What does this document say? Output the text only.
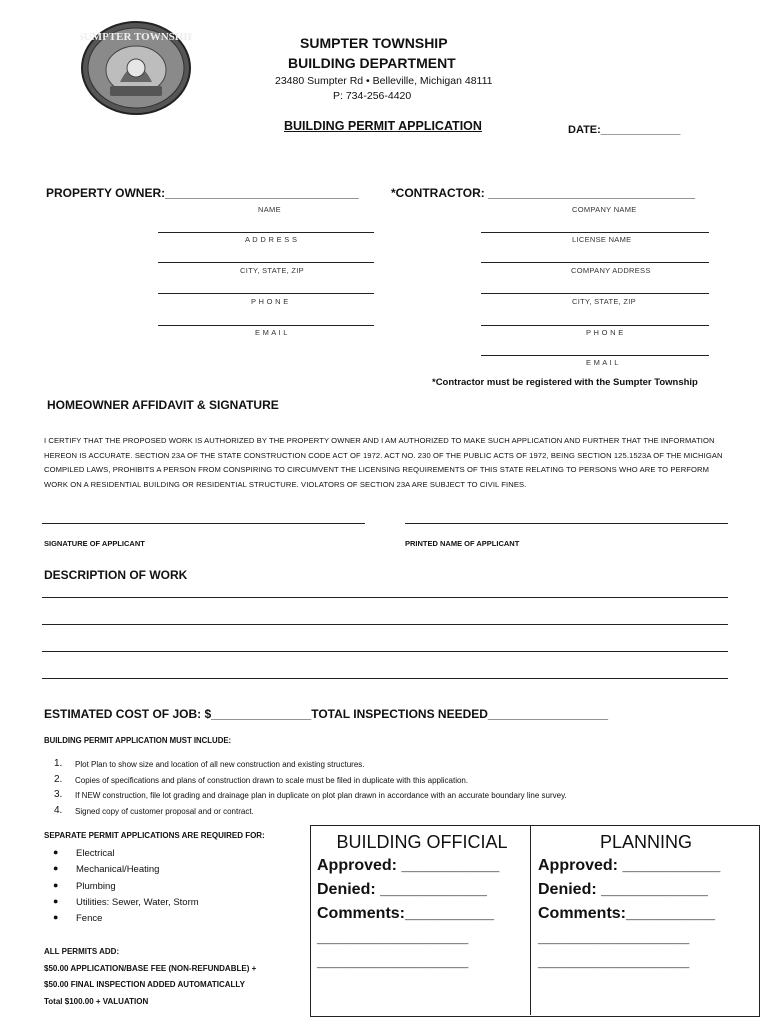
SUMPTER TOWNSHIP	SUMPTER TOWNSHIP
BUILDING DEPARTMENT
23480 Sumpter Rd • Belleville, Michigan 48111
P: 734-256-4420
BUILDING PERMIT APPLICATION	DATE:_____________
PROPERTY OWNER:_____________________________
NAME
A D D R E S S
CITY, STATE, ZIP
P H O N E
E M A I L
*CONTRACTOR: _______________________________
COMPANY NAME
LICENSE NAME
COMPANY ADDRESS
CITY, STATE, ZIP
P H O N E
E M A I L
*Contractor must be registered with the Sumpter Township
HOMEOWNER AFFIDAVIT & SIGNATURE
I CERTIFY THAT THE PROPOSED WORK IS AUTHORIZED BY THE PROPERTY OWNER AND I AM AUTHORIZED TO MAKE SUCH APPLICATION AND FURTHER THAT THE INFORMATION HEREON IS ACCURATE. SECTION 23A OF THE STATE CONSTRUCTION CODE ACT OF 1972. ACT NO. 230 OF THE PUBLIC ACTS OF 1972, BEING SECTION 125.1523A OF THE MICHIGAN COMPILED LAWS, PROHIBITS A PERSON FROM CONSPIRING TO CIRCUMVENT THE LICENSING REQUIREMENTS OF THIS STATE RELATING TO PERSONS WHO ARE TO PERFORM WORK ON A RESIDENTIAL BUILDING OR RESIDENTIAL STRUCTURE. VIOLATORS OF SECTION 23A ARE SUBJECT TO CIVIL FINES.
SIGNATURE OF APPLICANT	PRINTED NAME OF APPLICANT
DESCRIPTION OF WORK
ESTIMATED COST OF JOB: $_______________TOTAL INSPECTIONS NEEDED__________________
BUILDING PERMIT APPLICATION MUST INCLUDE:
1. Plot Plan to show size and location of all new construction and existing structures.
2. Copies of specifications and plans of construction drawn to scale must be filed in duplicate with this application.
3. If NEW construction, file lot grading and drainage plan in duplicate on plot plan drawn in accordance with an accurate boundary line survey.
4. Signed copy of customer proposal and or contract.
SEPARATE PERMIT APPLICATIONS ARE REQUIRED FOR:
● Electrical
● Mechanical/Heating
● Plumbing
● Utilities: Sewer, Water, Storm
● Fence
ALL PERMITS ADD:
$50.00 APPLICATION/BASE FEE (NON-REFUNDABLE) +
$50.00 FINAL INSPECTION ADDED AUTOMATICALLY
Total $100.00 + VALUATION
BUILDING OFFICIAL
Approved: ___________
Denied: ____________
Comments:__________
_________________
_________________
PLANNING
Approved: ___________
Denied: ____________
Comments:__________
_________________
_________________
